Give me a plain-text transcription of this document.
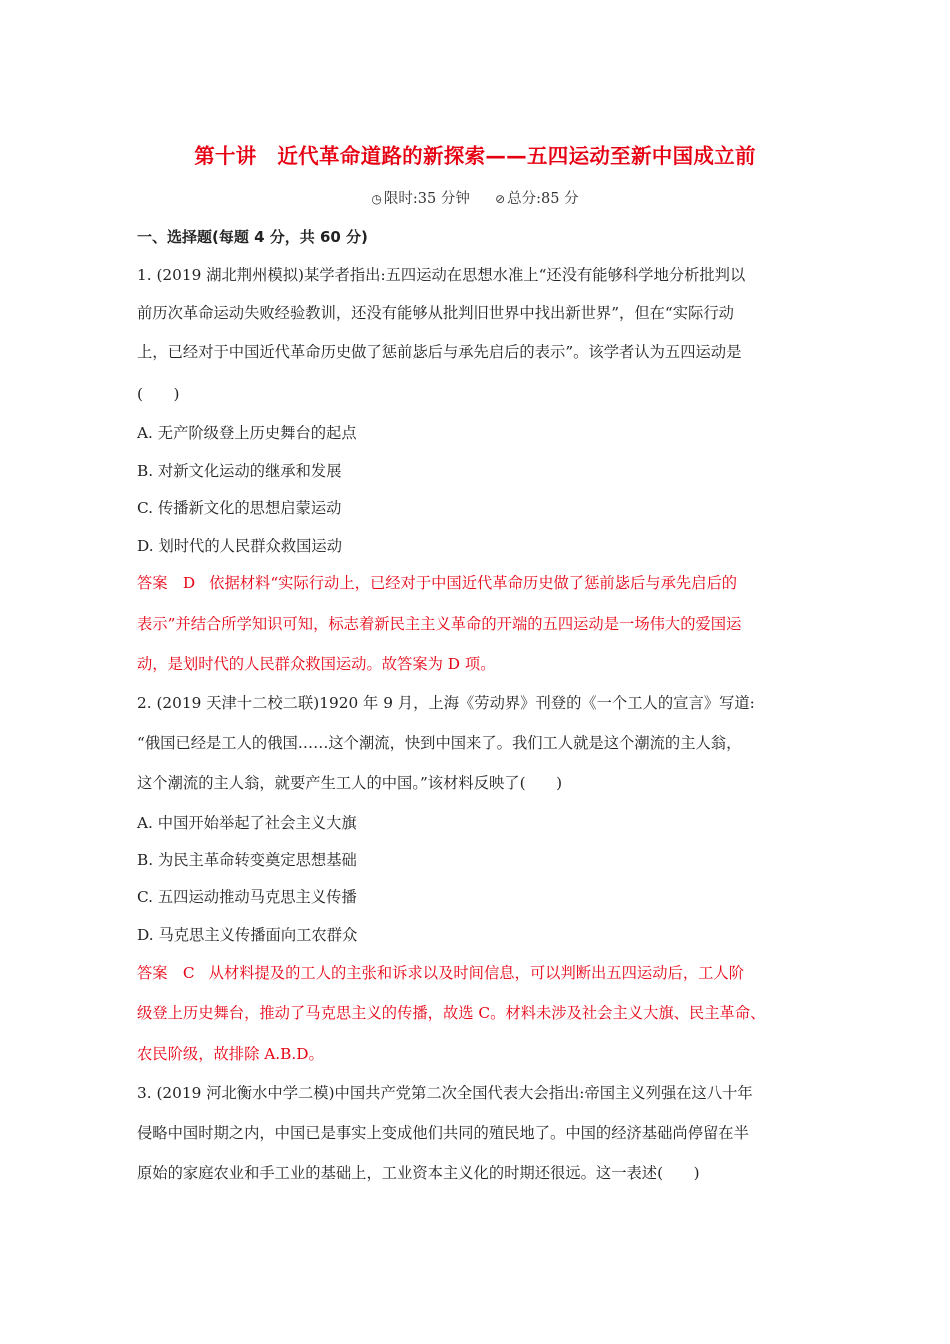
第十讲　近代革命道路的新探索——五四运动至新中国成立前
◷ 限时:35 分钟 ⊘ 总分:85 分
一、选择题(每题 4 分，共 60 分)
1. (2019 湖北荆州模拟)某学者指出:五四运动在思想水准上“还没有能够科学地分析批判以
前历次革命运动失败经验教训，还没有能够从批判旧世界中找出新世界”，但在“实际行动
上，已经对于中国近代革命历史做了惩前毖后与承先启后的表示”。该学者认为五四运动是
(　　)
A. 无产阶级登上历史舞台的起点
B. 对新文化运动的继承和发展
C. 传播新文化的思想启蒙运动
D. 划时代的人民群众救国运动
答案　D 依据材料“实际行动上，已经对于中国近代革命历史做了惩前毖后与承先启后的
表示”并结合所学知识可知，标志着新民主主义革命的开端的五四运动是一场伟大的爱国运
动，是划时代的人民群众救国运动。故答案为 D 项。
2. (2019 天津十二校二联)1920 年 9 月，上海《劳动界》刊登的《一个工人的宣言》写道:
“俄国已经是工人的俄国……这个潮流，快到中国来了。我们工人就是这个潮流的主人翁，
这个潮流的主人翁，就要产生工人的中国。”该材料反映了(　　)
A. 中国开始举起了社会主义大旗
B. 为民主革命转变奠定思想基础
C. 五四运动推动马克思主义传播
D. 马克思主义传播面向工农群众
答案　C 从材料提及的工人的主张和诉求以及时间信息，可以判断出五四运动后，工人阶
级登上历史舞台，推动了马克思主义的传播，故选 C。材料未涉及社会主义大旗、民主革命、
农民阶级，故排除 A.B.D。
3. (2019 河北衡水中学二模)中国共产党第二次全国代表大会指出:帝国主义列强在这八十年
侵略中国时期之内，中国已是事实上变成他们共同的殖民地了。中国的经济基础尚停留在半
原始的家庭农业和手工业的基础上，工业资本主义化的时期还很远。这一表述(　　)
